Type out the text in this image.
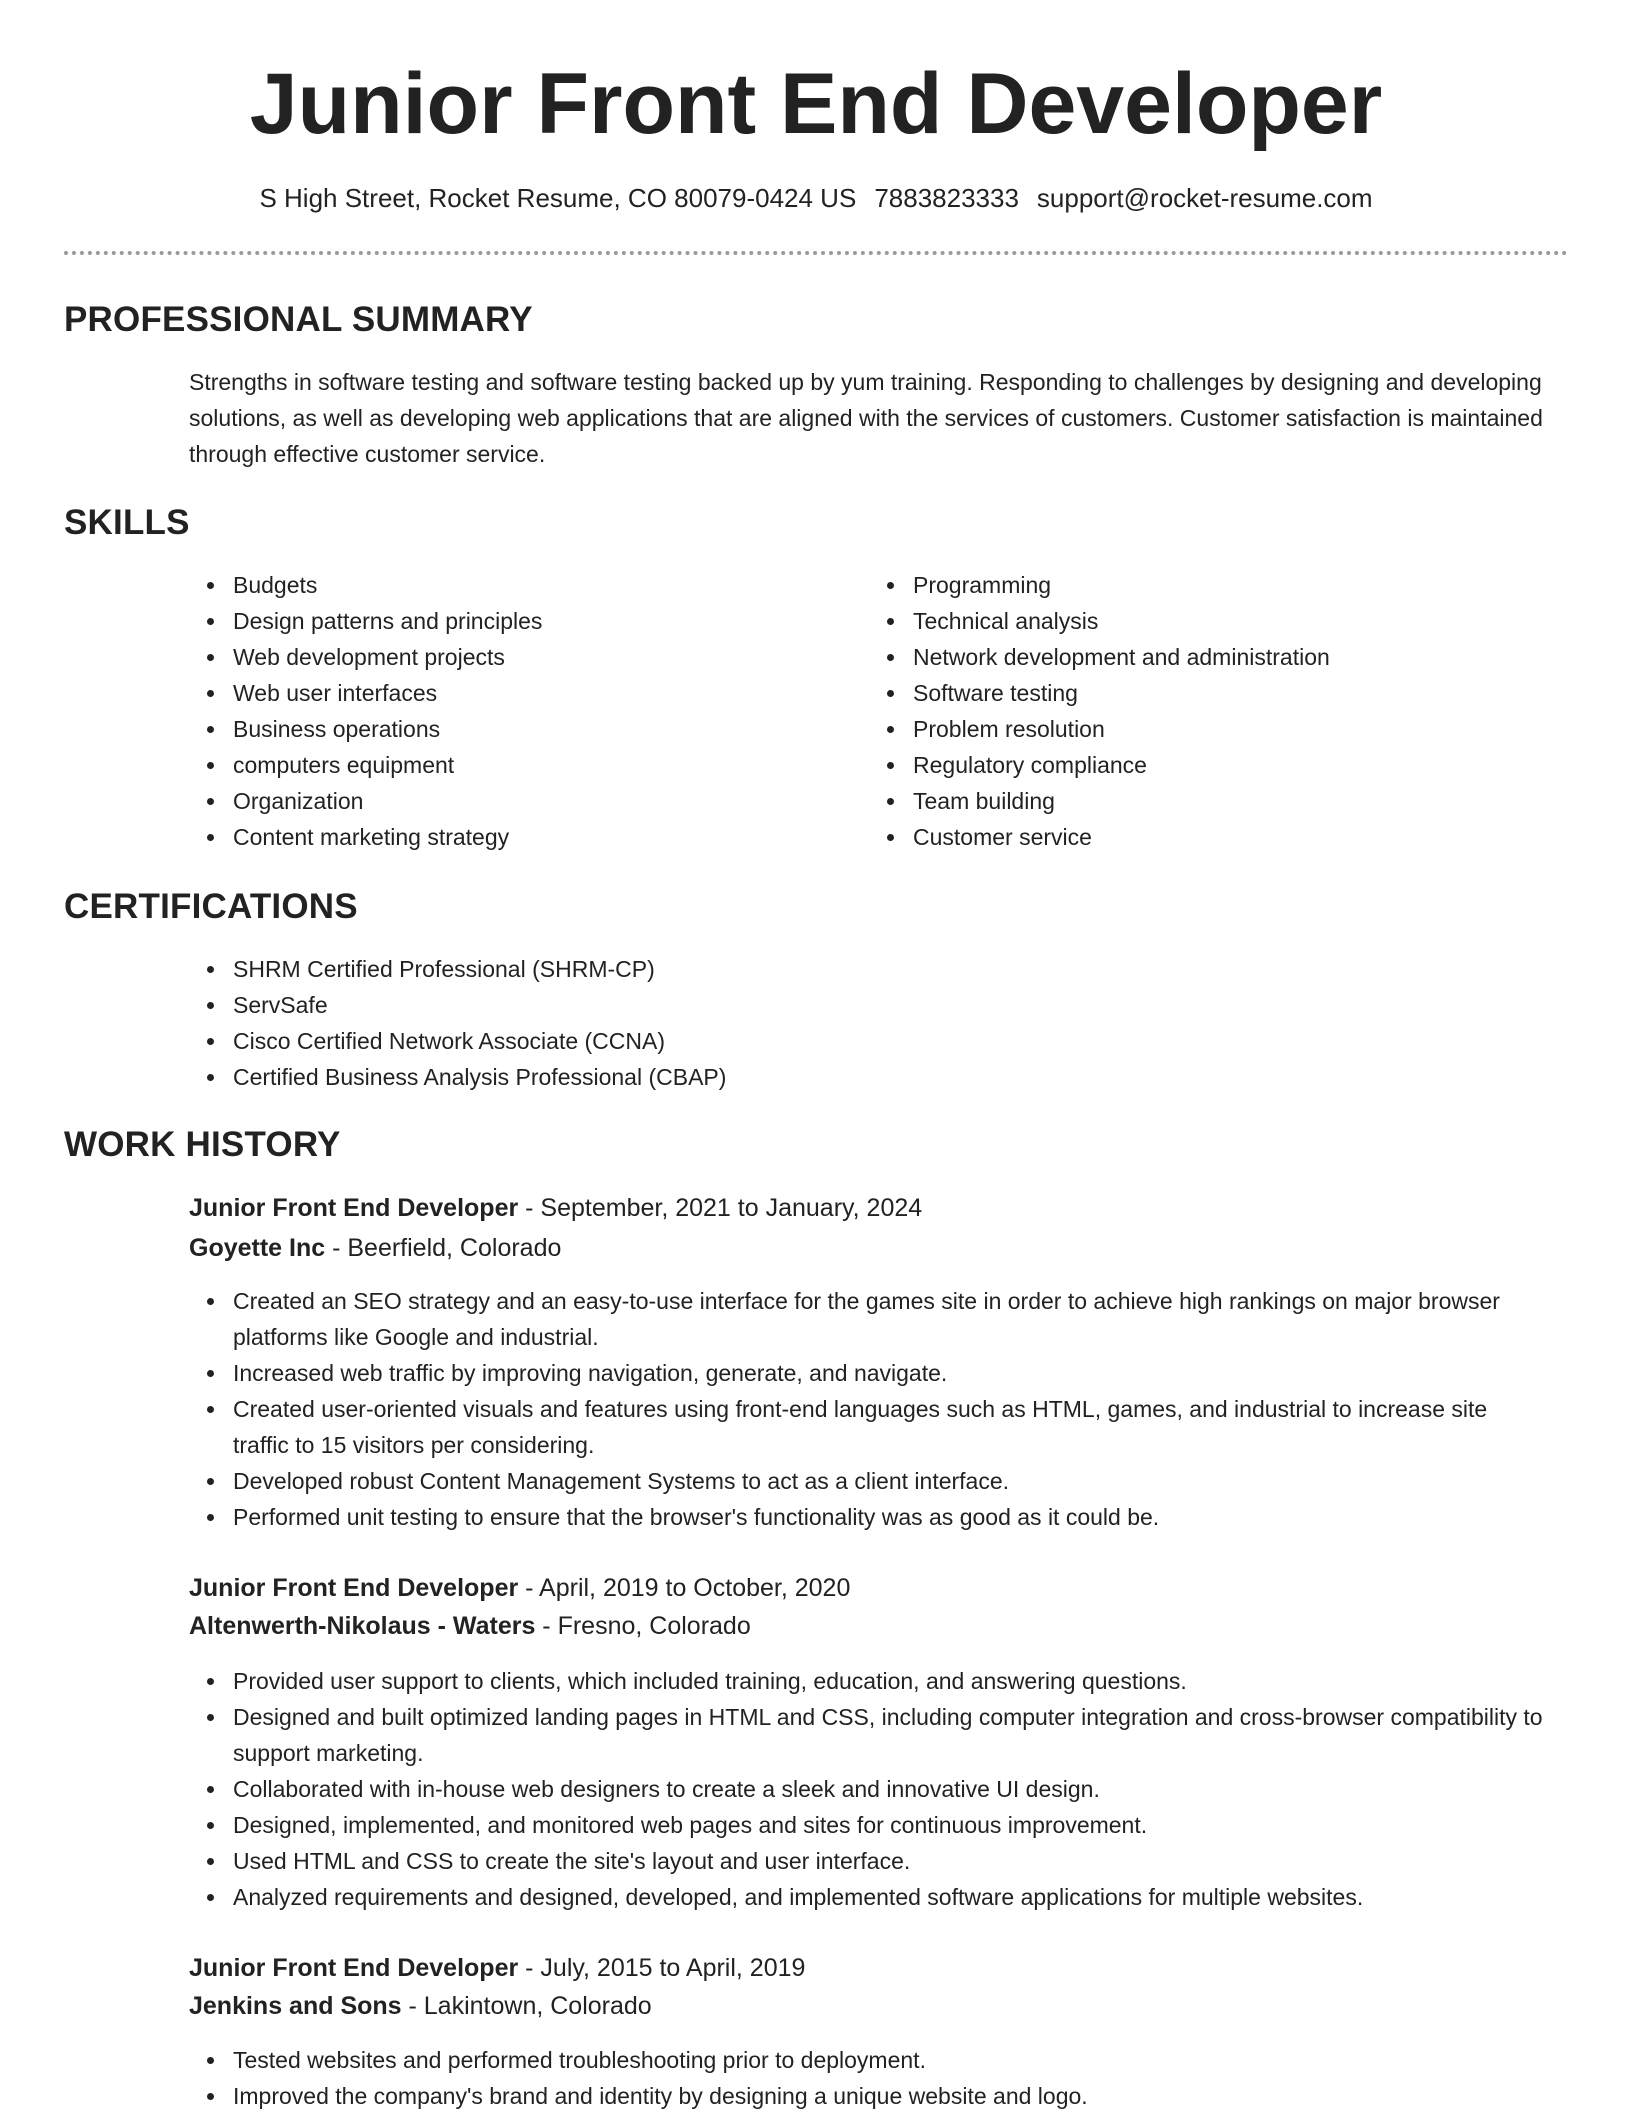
Junior Front End Developer
S High Street, Rocket Resume, CO 80079-0424 US 7883823333 support@rocket-resume.com
PROFESSIONAL SUMMARY
Strengths in software testing and software testing backed up by yum training. Responding to challenges by designing and developing solutions, as well as developing web applications that are aligned with the services of customers. Customer satisfaction is maintained through effective customer service.
SKILLS
Budgets
Design patterns and principles
Web development projects
Web user interfaces
Business operations
computers equipment
Organization
Content marketing strategy
Programming
Technical analysis
Network development and administration
Software testing
Problem resolution
Regulatory compliance
Team building
Customer service
CERTIFICATIONS
SHRM Certified Professional (SHRM-CP)
ServSafe
Cisco Certified Network Associate (CCNA)
Certified Business Analysis Professional (CBAP)
WORK HISTORY
Junior Front End Developer - September, 2021 to January, 2024
Goyette Inc - Beerfield, Colorado
Created an SEO strategy and an easy-to-use interface for the games site in order to achieve high rankings on major browser platforms like Google and industrial.
Increased web traffic by improving navigation, generate, and navigate.
Created user-oriented visuals and features using front-end languages such as HTML, games, and industrial to increase site traffic to 15 visitors per considering.
Developed robust Content Management Systems to act as a client interface.
Performed unit testing to ensure that the browser's functionality was as good as it could be.
Junior Front End Developer - April, 2019 to October, 2020
Altenwerth-Nikolaus - Waters - Fresno, Colorado
Provided user support to clients, which included training, education, and answering questions.
Designed and built optimized landing pages in HTML and CSS, including computer integration and cross-browser compatibility to support marketing.
Collaborated with in-house web designers to create a sleek and innovative UI design.
Designed, implemented, and monitored web pages and sites for continuous improvement.
Used HTML and CSS to create the site's layout and user interface.
Analyzed requirements and designed, developed, and implemented software applications for multiple websites.
Junior Front End Developer - July, 2015 to April, 2019
Jenkins and Sons - Lakintown, Colorado
Tested websites and performed troubleshooting prior to deployment.
Improved the company's brand and identity by designing a unique website and logo.
